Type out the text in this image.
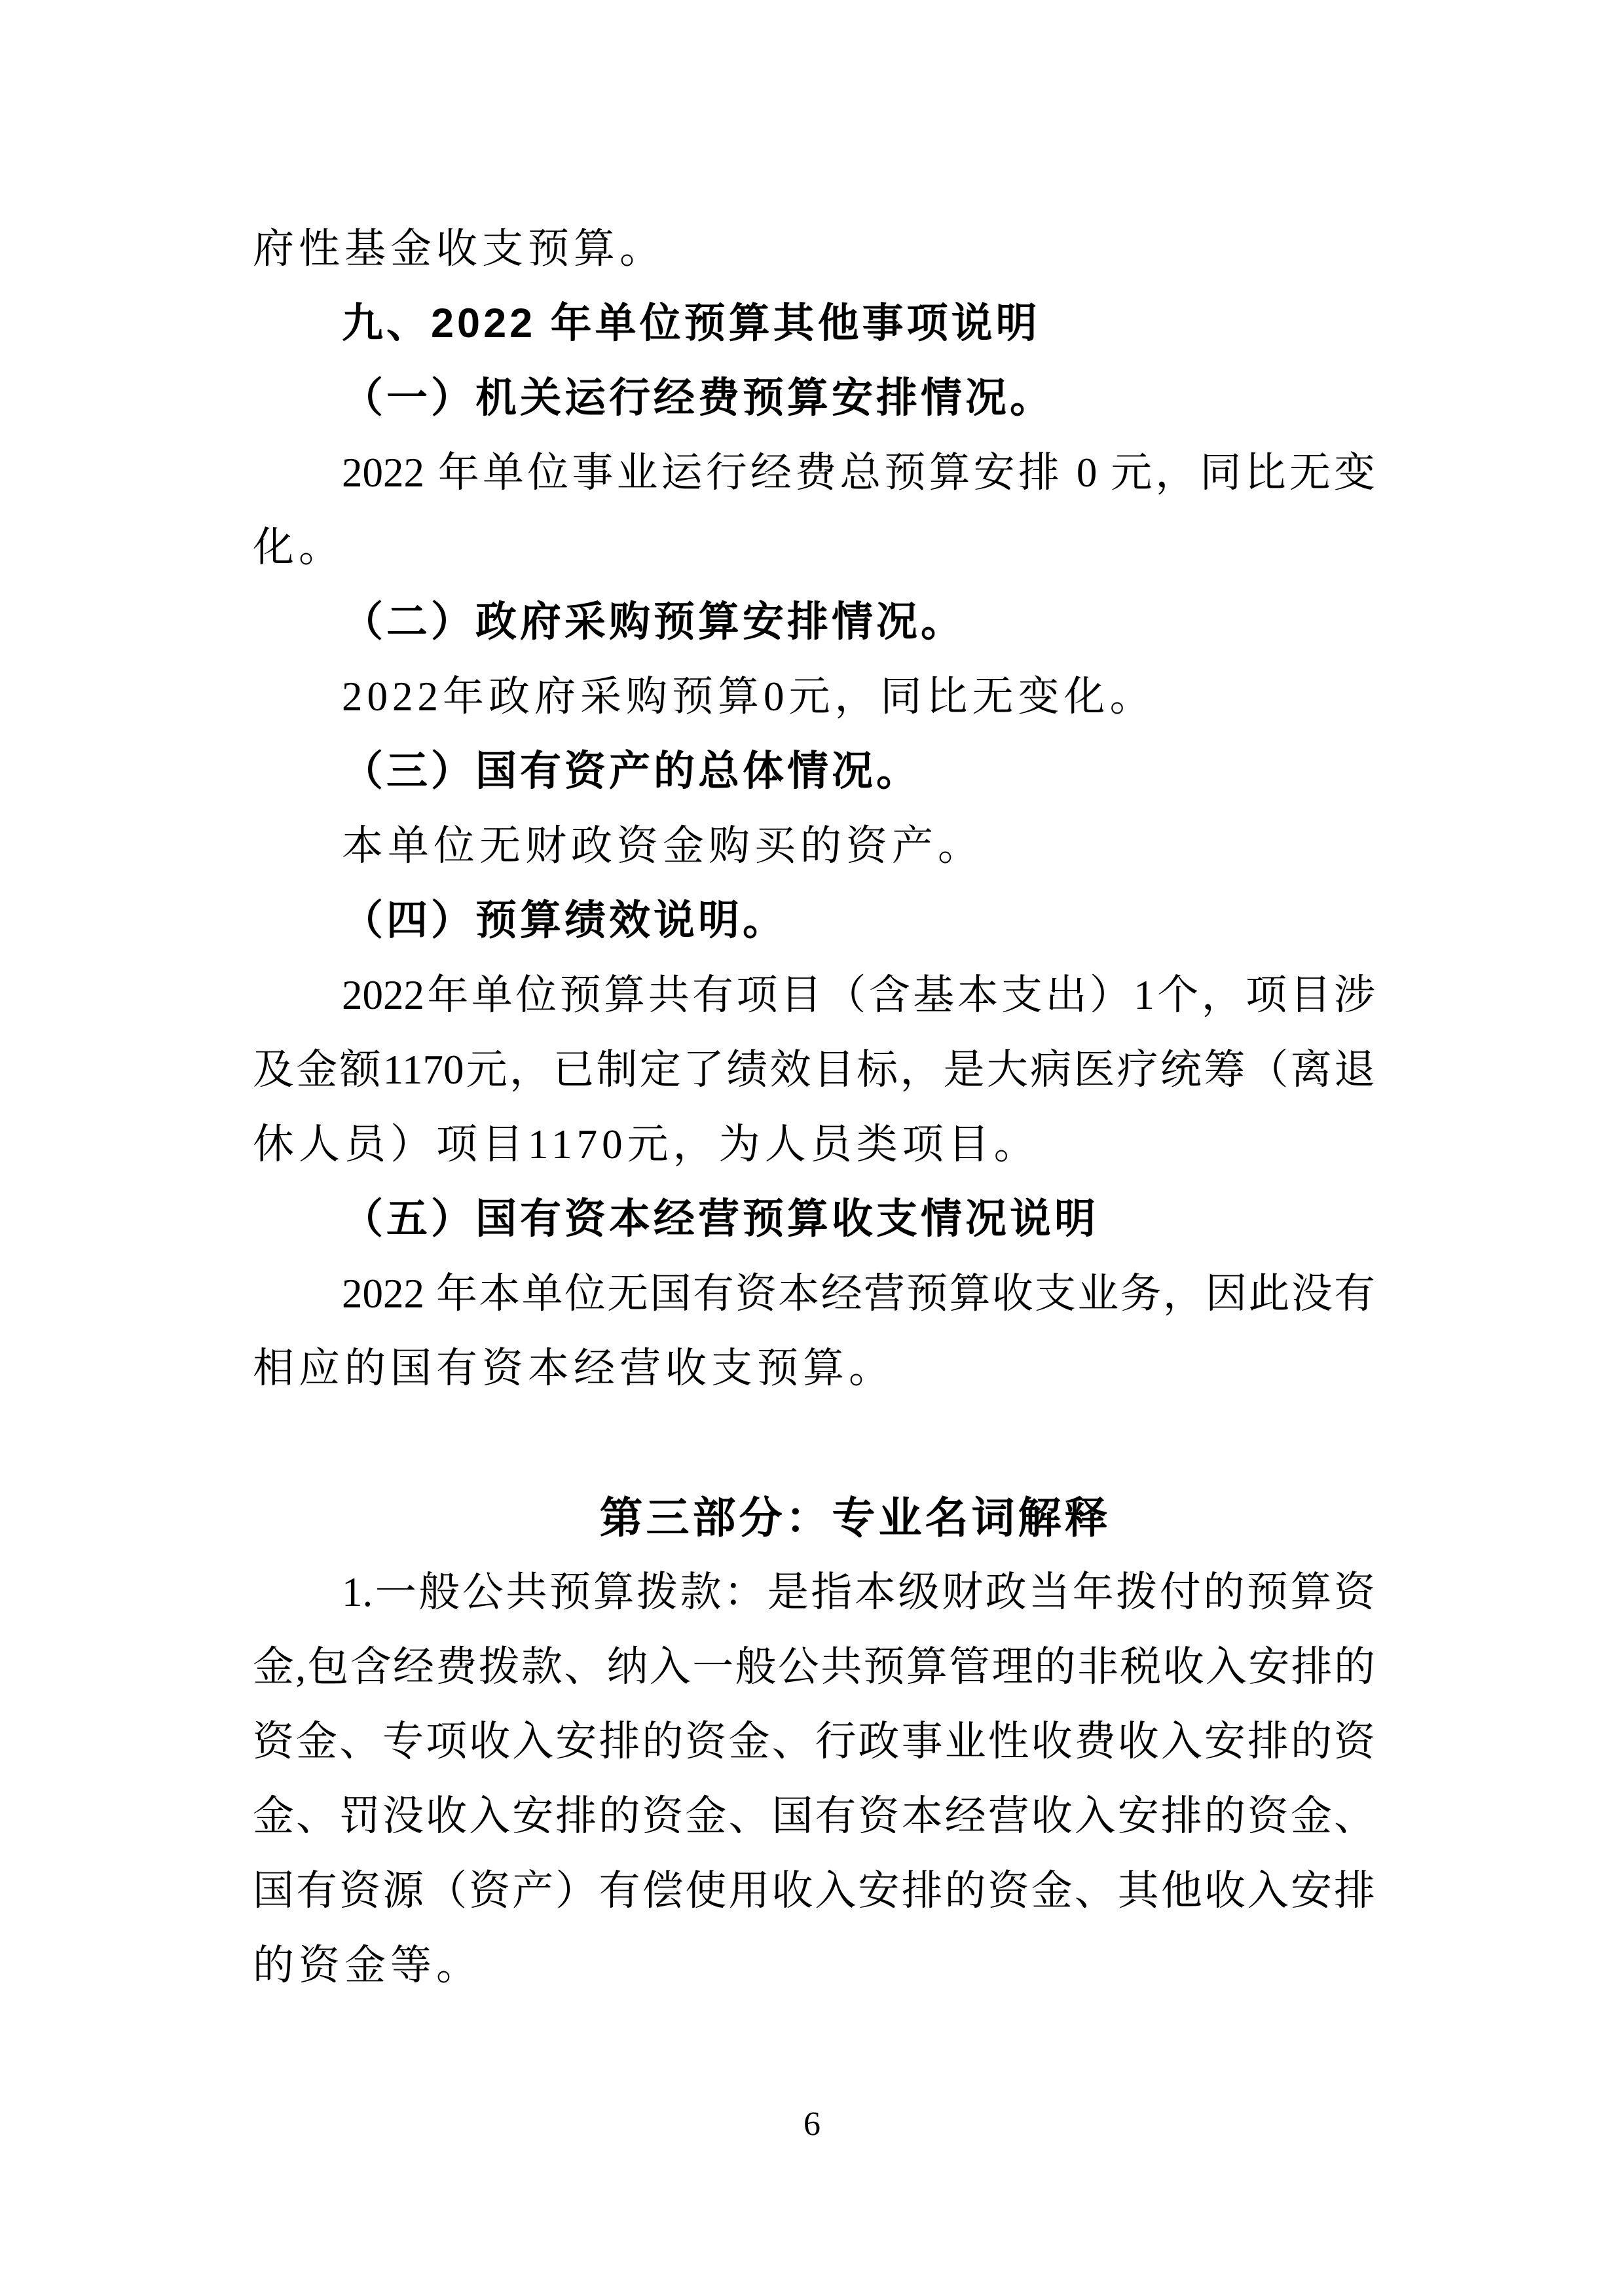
府性基金收支预算。
九、2022 年单位预算其他事项说明
（一）机关运行经费预算安排情况。
2022 年单位事业运行经费总预算安排 0 元，同比无变
化。
（二）政府采购预算安排情况。
2022年政府采购预算0元，同比无变化。
（三）国有资产的总体情况。
本单位无财政资金购买的资产。
（四）预算绩效说明。
2022年单位预算共有项目（含基本支出）1个，项目涉
及金额1170元，已制定了绩效目标，是大病医疗统筹（离退
休人员）项目1170元，为人员类项目。
（五）国有资本经营预算收支情况说明
2022 年本单位无国有资本经营预算收支业务，因此没有
相应的国有资本经营收支预算。
第三部分：专业名词解释
1.一般公共预算拨款：是指本级财政当年拨付的预算资
金,包含经费拨款、纳入一般公共预算管理的非税收入安排的
资金、专项收入安排的资金、行政事业性收费收入安排的资
金、罚没收入安排的资金、国有资本经营收入安排的资金、
国有资源（资产）有偿使用收入安排的资金、其他收入安排
的资金等。
6
